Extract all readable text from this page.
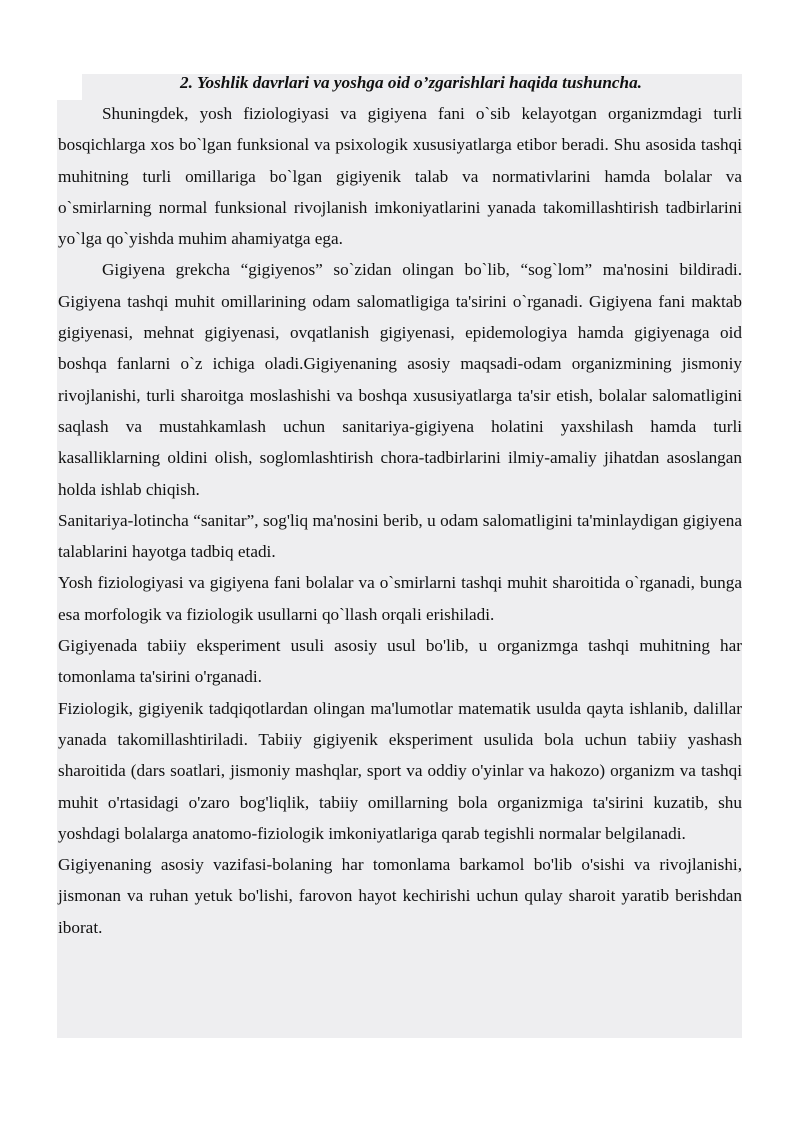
2. Yoshlik davrlari va yoshga oid o’zgarishlari haqida tushuncha.

Shuningdek, yosh fiziologiyasi va gigiyena fani o`sib kelayotgan organizmdagi turli bosqichlarga xos bo`lgan funksional va psixologik xususiyatlarga etibor beradi. Shu asosida tashqi muhitning turli omillariga bo`lgan gigiyenik talab va normativlarini hamda bolalar va o`smirlarning normal funksional rivojlanish imkoniyatlarini yanada takomillashtirish tadbirlarini yo`lga qo`yishda muhim ahamiyatga ega.

Gigiyena grekcha “gigiyenos” so`zidan olingan bo`lib, “sog`lom” ma'nosini bildiradi. Gigiyena tashqi muhit omillarining odam salomatligiga ta'sirini o`rganadi. Gigiyena fani maktab gigiyenasi, mehnat gigiyenasi, ovqatlanish gigiyenasi, epidemologiya hamda gigiyenaga oid boshqa fanlarni o`z ichiga oladi.Gigiyenaning asosiy maqsadi-odam organizmining jismoniy rivojlanishi, turli sharoitga moslashishi va boshqa xususiyatlarga ta'sir etish, bolalar salomatligini saqlash va mustahkamlash uchun sanitariya-gigiyena holatini yaxshilash hamda turli kasalliklarning oldini olish, soglomlashtirish chora-tadbirlarini ilmiy-amaliy jihatdan asoslangan holda ishlab chiqish.

Sanitariya-lotincha “sanitar”, sog'liq ma'nosini berib, u odam salomatligini ta'minlaydigan gigiyena talablarini hayotga tadbiq etadi.

Yosh fiziologiyasi va gigiyena fani bolalar va o`smirlarni tashqi muhit sharoitida o`rganadi, bunga esa morfologik va fiziologik usullarni qo`llash orqali erishiladi.

Gigiyenada tabiiy eksperiment usuli asosiy usul bo'lib, u organizmga tashqi muhitning har tomonlama ta'sirini o'rganadi.

Fiziologik, gigiyenik tadqiqotlardan olingan ma'lumotlar matematik usulda qayta ishlanib, dalillar yanada takomillashtiriladi. Tabiiy gigiyenik eksperiment usulida bola uchun tabiiy yashash sharoitida (dars soatlari, jismoniy mashqlar, sport va oddiy o'yinlar va hakozo) organizm va tashqi muhit o'rtasidagi o'zaro bog'liqlik, tabiiy omillarning bola organizmiga ta'sirini kuzatib, shu yoshdagi bolalarga anatomo-fiziologik imkoniyatlariga qarab tegishli normalar belgilanadi.

Gigiyenaning asosiy vazifasi-bolaning har tomonlama barkamol bo'lib o'sishi va rivojlanishi, jismonan va ruhan yetuk bo'lishi, farovon hayot kechirishi uchun qulay sharoit yaratib berishdan iborat.
